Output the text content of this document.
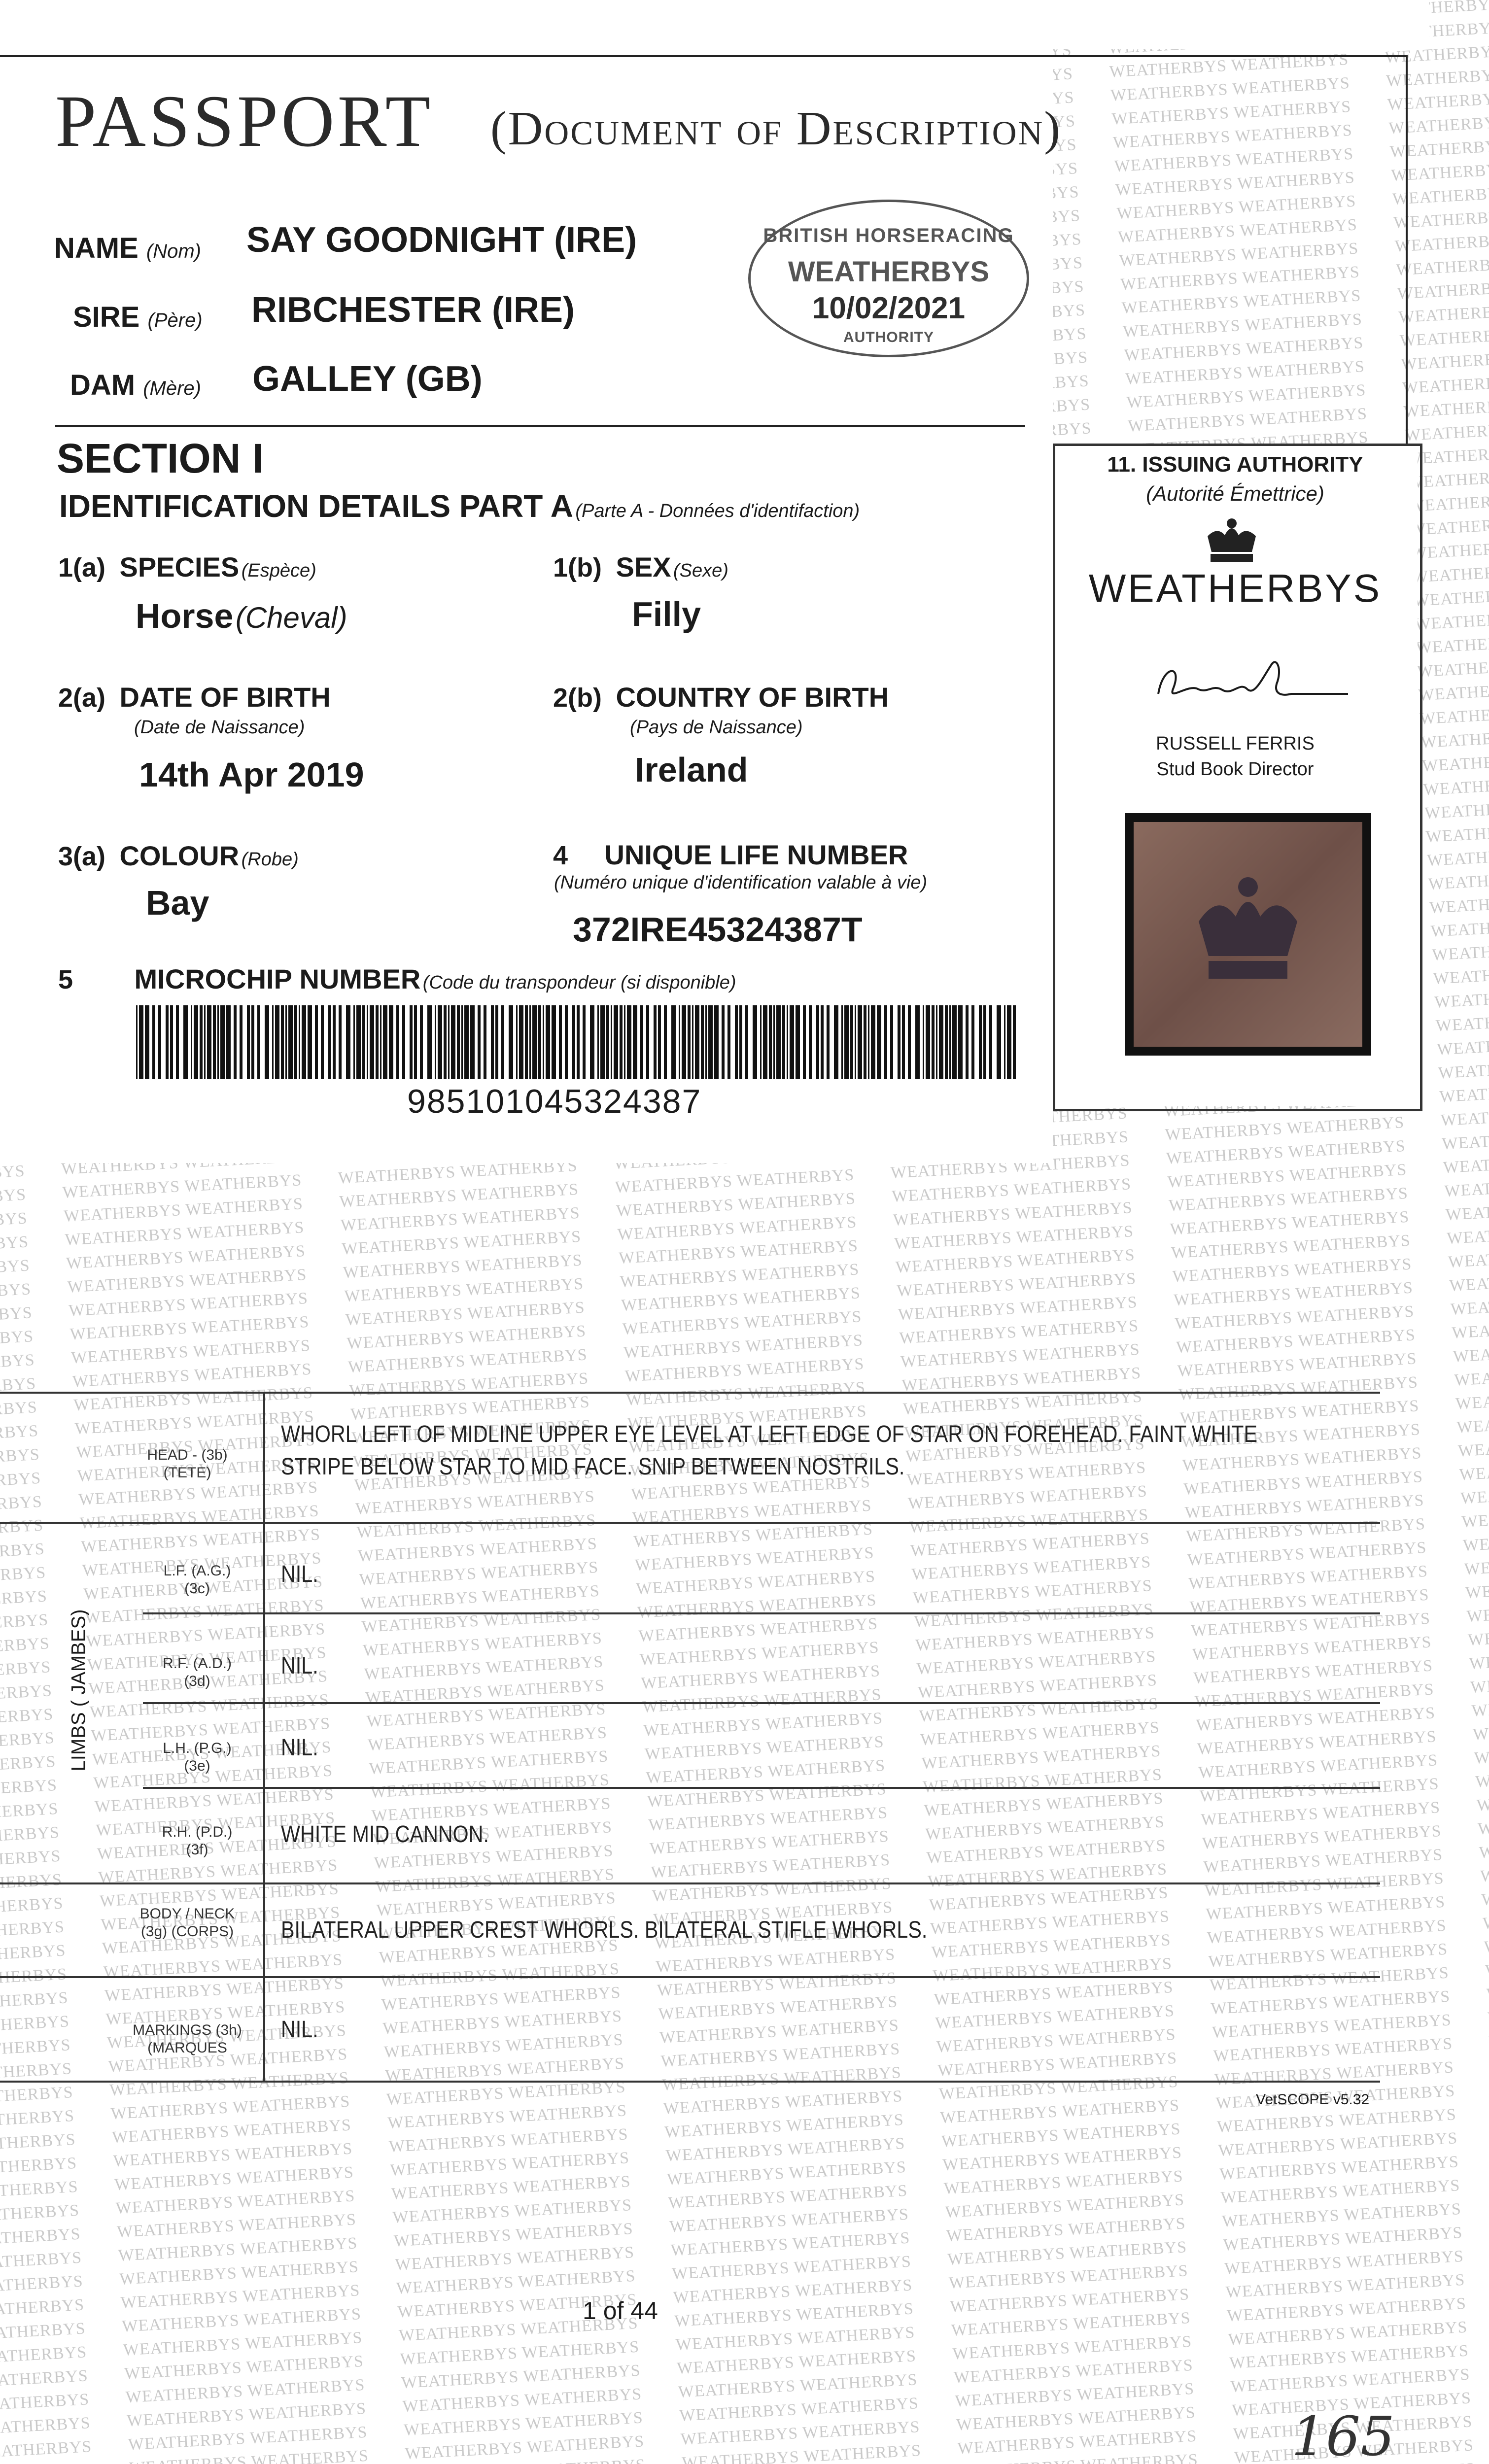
PASSPORT (Document of Description)
NAME (Nom) SAY GOODNIGHT (IRE)
SIRE (Père) RIBCHESTER (IRE)
DAM (Mère) GALLEY (GB)
BRITISH HORSERACING
WEATHERBYS
10/02/2021
AUTHORITY
SECTION I
IDENTIFICATION DETAILS PART A (Parte A - Données d'identifaction)
1(a) SPECIES (Espèce)
Horse (Cheval)
1(b) SEX (Sexe)
Filly
2(a) DATE OF BIRTH
(Date de Naissance)
14th Apr 2019
2(b) COUNTRY OF BIRTH
(Pays de Naissance)
Ireland
3(a) COLOUR (Robe)
Bay
4 UNIQUE LIFE NUMBER
(Numéro unique d'identification valable à vie)
372IRE45324387T
5 MICROCHIP NUMBER (Code du transpondeur (si disponible)
985101045324387
11. ISSUING AUTHORITY
(Autorité Émettrice)
WEATHERBYS
RUSSELL FERRIS
Stud Book Director
LIMBS ( JAMBES)
HEAD - (3b)
(TETE)
WHORL LEFT OF MIDLINE UPPER EYE LEVEL AT LEFT EDGE OF STAR ON FOREHEAD. FAINT WHITE
STRIPE BELOW STAR TO MID FACE. SNIP BETWEEN NOSTRILS.
L.F. (A.G.)
(3c)
NIL.
R.F. (A.D.)
(3d)
NIL.
L.H. (P.G.)
(3e)
NIL.
R.H. (P.D.)
(3f)
WHITE MID CANNON.
BODY / NECK
(3g) (CORPS)	BILATERAL UPPER CREST WHORLS. BILATERAL STIFLE WHORLS.
MARKINGS (3h)
(MARQUES
NIL.
VetSCOPE v5.32
1 of 44
165
